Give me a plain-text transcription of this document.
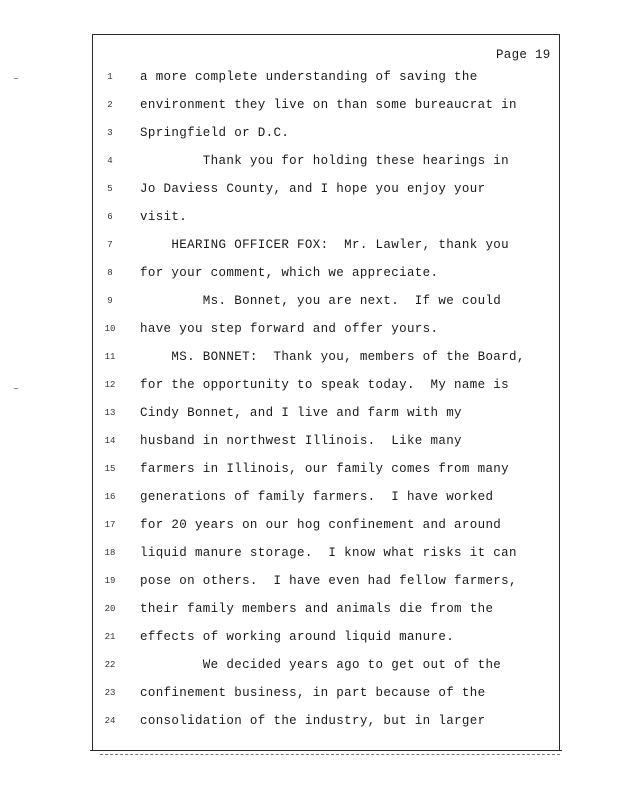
Page 19
1	a more complete understanding of saving the
2	environment they live on than some bureaucrat in
3	Springfield or D.C.
4	Thank you for holding these hearings in
5	Jo Daviess County, and I hope you enjoy your
6	visit.
7	HEARING OFFICER FOX:  Mr. Lawler, thank you
8	for your comment, which we appreciate.
9	Ms. Bonnet, you are next.  If we could
10	have you step forward and offer yours.
11	MS. BONNET:  Thank you, members of the Board,
12	for the opportunity to speak today.  My name is
13	Cindy Bonnet, and I live and farm with my
14	husband in northwest Illinois.  Like many
15	farmers in Illinois, our family comes from many
16	generations of family farmers.  I have worked
17	for 20 years on our hog confinement and around
18	liquid manure storage.  I know what risks it can
19	pose on others.  I have even had fellow farmers,
20	their family members and animals die from the
21	effects of working around liquid manure.
22	We decided years ago to get out of the
23	confinement business, in part because of the
24	consolidation of the industry, but in larger
